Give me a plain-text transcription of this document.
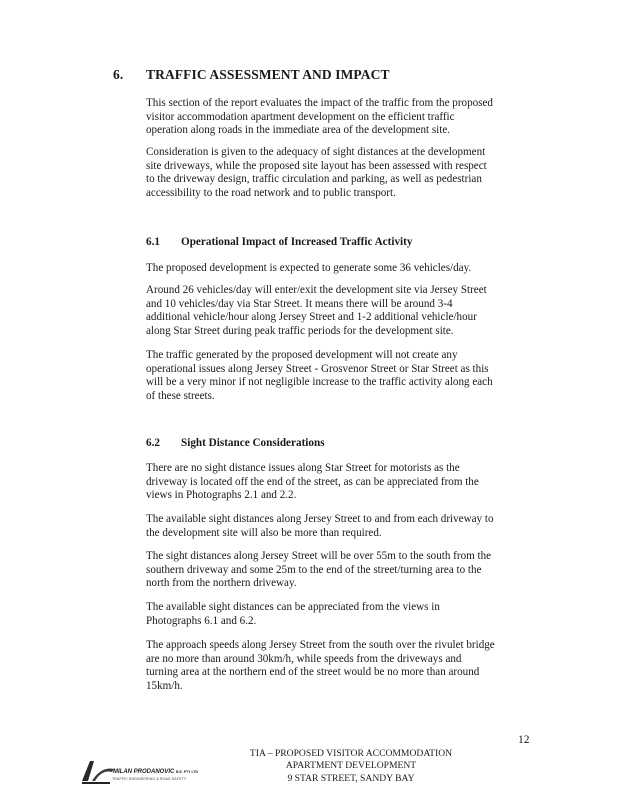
6. TRAFFIC ASSESSMENT AND IMPACT

This section of the report evaluates the impact of the traffic from the proposed
visitor accommodation apartment development on the efficient traffic
operation along roads in the immediate area of the development site.

Consideration is given to the adequacy of sight distances at the development
site driveways, while the proposed site layout has been assessed with respect
to the driveway design, traffic circulation and parking, as well as pedestrian
accessibility to the road network and to public transport.

6.1 Operational Impact of Increased Traffic Activity

The proposed development is expected to generate some 36 vehicles/day.

Around 26 vehicles/day will enter/exit the development site via Jersey Street
and 10 vehicles/day via Star Street. It means there will be around 3-4
additional vehicle/hour along Jersey Street and 1-2 additional vehicle/hour
along Star Street during peak traffic periods for the development site.

The traffic generated by the proposed development will not create any
operational issues along Jersey Street - Grosvenor Street or Star Street as this
will be a very minor if not negligible increase to the traffic activity along each
of these streets.

6.2 Sight Distance Considerations

There are no sight distance issues along Star Street for motorists as the
driveway is located off the end of the street, as can be appreciated from the
views in Photographs 2.1 and 2.2.

The available sight distances along Jersey Street to and from each driveway to
the development site will also be more than required.

The sight distances along Jersey Street will be over 55m to the south from the
southern driveway and some 25m to the end of the street/turning area to the
north from the northern driveway.

The available sight distances can be appreciated from the views in
Photographs 6.1 and 6.2.

The approach speeds along Jersey Street from the south over the rivulet bridge
are no more than around 30km/h, while speeds from the driveways and
turning area at the northern end of the street would be no more than around
15km/h.

12
TIA – PROPOSED VISITOR ACCOMMODATION
APARTMENT DEVELOPMENT
9 STAR STREET, SANDY BAY
MILAN PRODANOVIC B.E. PTY LTD
TRAFFIC ENGINEERING & ROAD SAFETY
